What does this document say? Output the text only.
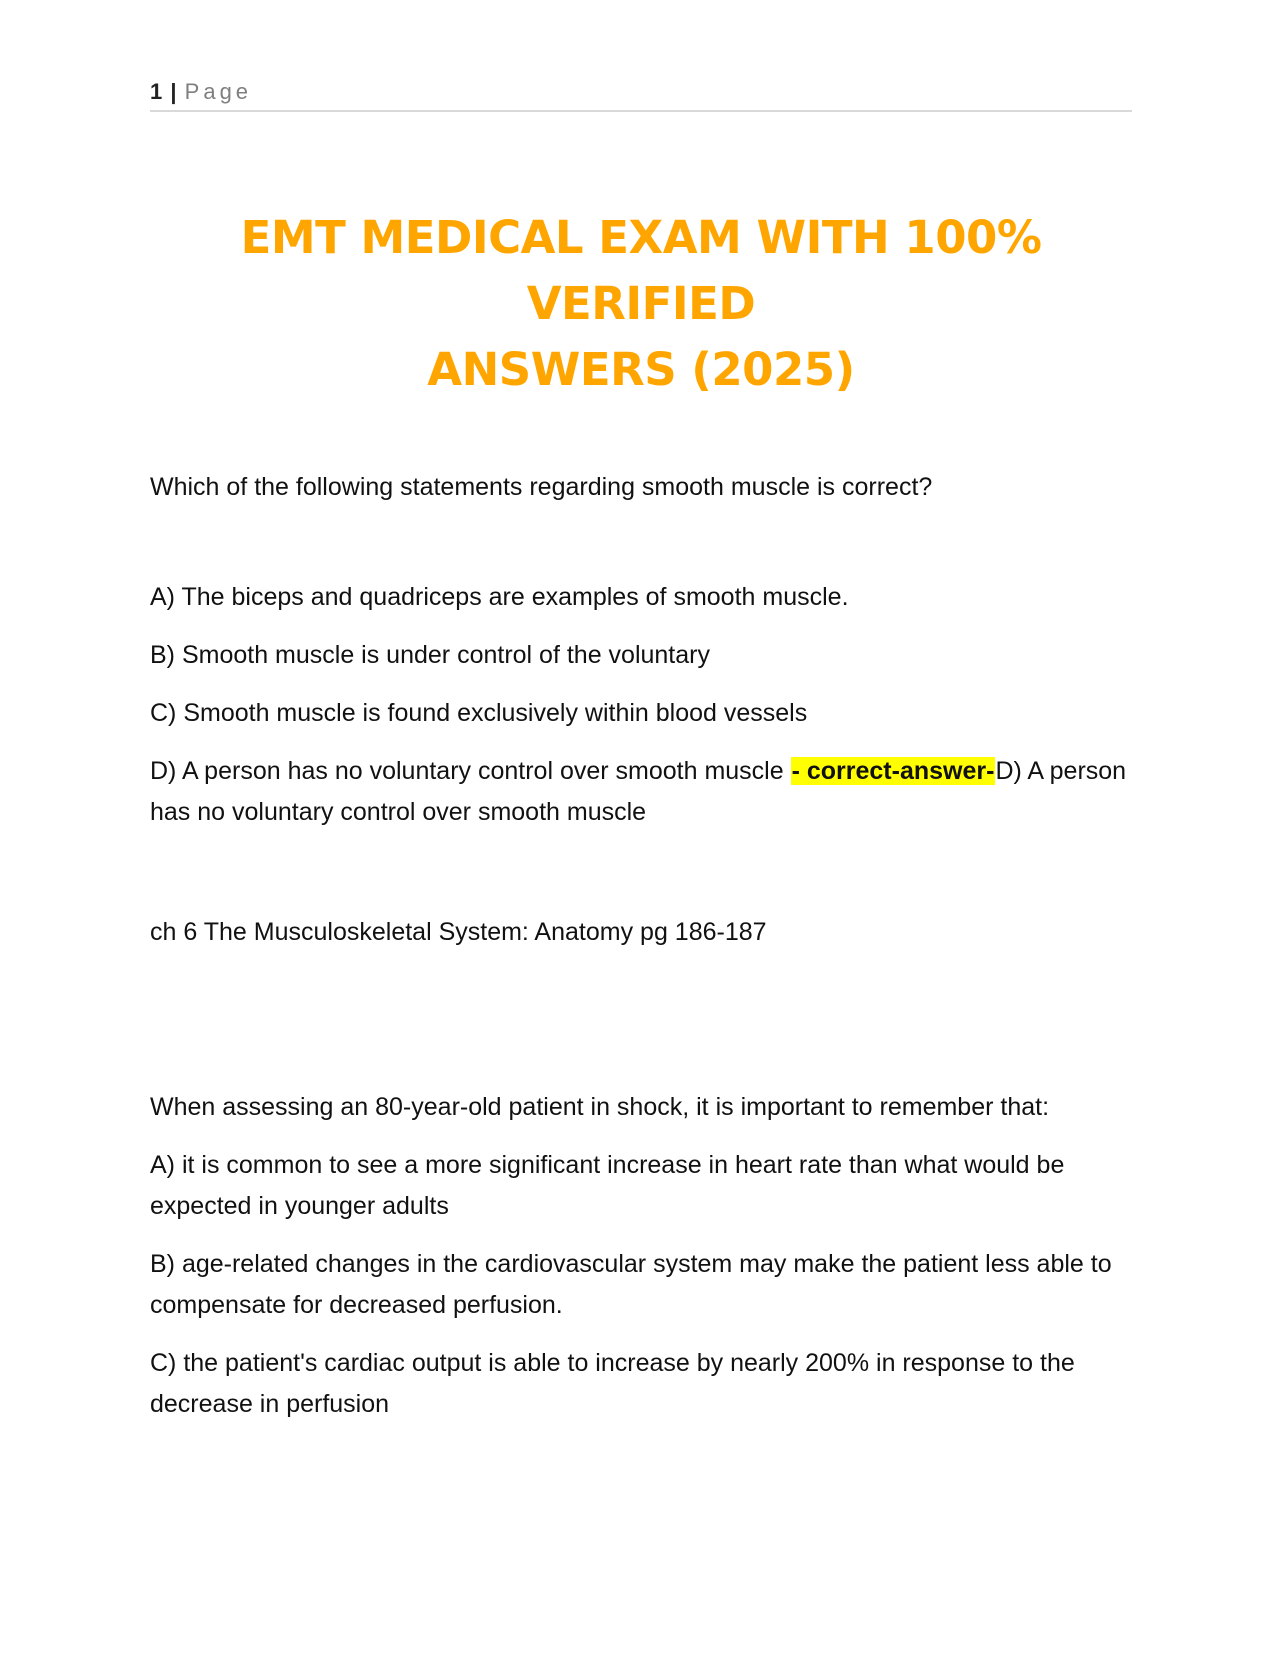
1 | Page
EMT MEDICAL EXAM WITH 100% VERIFIED
ANSWERS (2025)

Which of the following statements regarding smooth muscle is correct?

A) The biceps and quadriceps are examples of smooth muscle.

B) Smooth muscle is under control of the voluntary

C) Smooth muscle is found exclusively within blood vessels

D) A person has no voluntary control over smooth muscle - correct-answer-D) A person has no voluntary control over smooth muscle

ch 6 The Musculoskeletal System: Anatomy pg 186-187

When assessing an 80-year-old patient in shock, it is important to remember that:

A) it is common to see a more significant increase in heart rate than what would be expected in younger adults

B) age-related changes in the cardiovascular system may make the patient less able to compensate for decreased perfusion.

C) the patient's cardiac output is able to increase by nearly 200% in response to the decrease in perfusion
